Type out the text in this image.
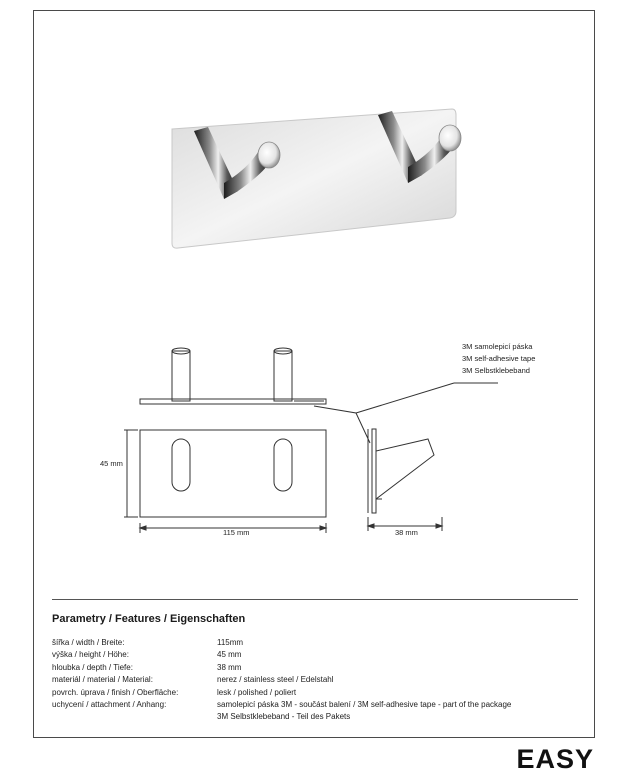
3M samolepicí páska
3M self-adhesive tape
3M Selbstklebeband
45 mm
115 mm	38 mm
Parametry / Features / Eigenschaften
šířka / width / Breite:	115mm
výška / height / Höhe:	45 mm
hloubka / depth / Tiefe:	38 mm
materiál / material / Material:	nerez / stainless steel / Edelstahl
povrch. úprava / finish / Oberfläche:	lesk / polished / poliert
uchycení / attachment / Anhang:	samolepicí páska 3M - součást balení / 3M self-adhesive tape - part of the package
3M Selbstklebeband - Teil des Pakets
EASY
